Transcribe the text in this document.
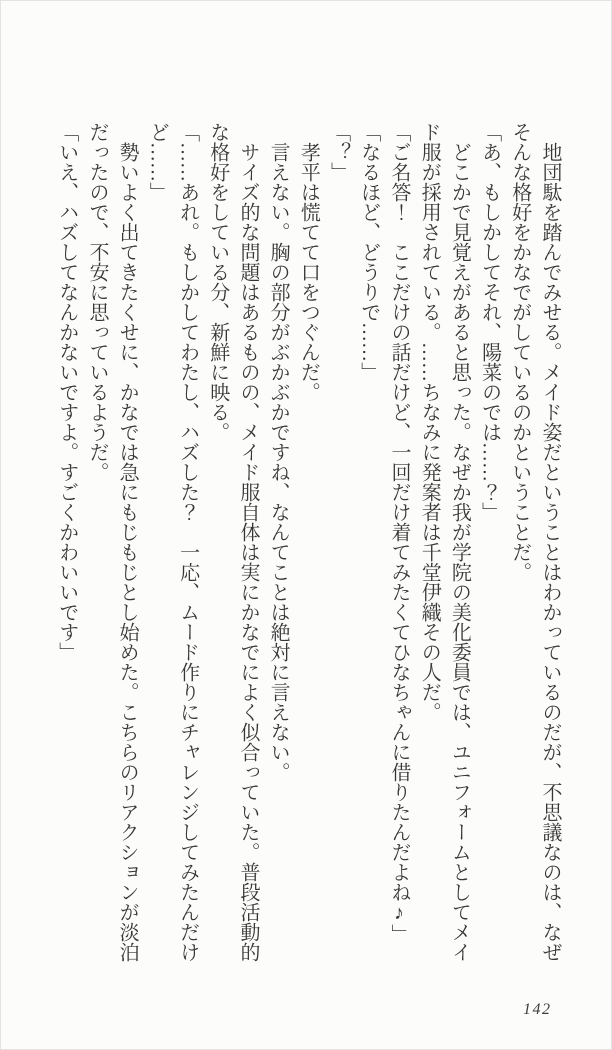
地団駄を踏んでみせる。メイド姿だということはわかっているのだが、不思議なのは、なぜそんな格好をかなでがしているのかということだ。

「あ、もしかしてそれ、陽菜のでは……？」

どこかで見覚えがあると思った。なぜか我が学院の美化委員では、ユニフォームとしてメイド服が採用されている。……ちなみに発案者は千堂伊織その人だ。

「ご名答！　ここだけの話だけど、一回だけ着てみたくてひなちゃんに借りたんだよね♪」

「なるほど、どうりで……」

「？」

孝平は慌てて口をつぐんだ。

言えない。胸の部分がぶかぶかですね、なんてことは絶対に言えない。

サイズ的な問題はあるものの、メイド服自体は実にかなでによく似合っていた。普段活動的な格好をしている分、新鮮に映る。

「……あれ。もしかしてわたし、ハズした？　一応、ムード作りにチャレンジしてみたんだけど……」

勢いよく出てきたくせに、かなでは急にもじもじとし始めた。こちらのリアクションが淡泊だったので、不安に思っているようだ。

「いえ、ハズしてなんかないですよ。すごくかわいいです」

142
